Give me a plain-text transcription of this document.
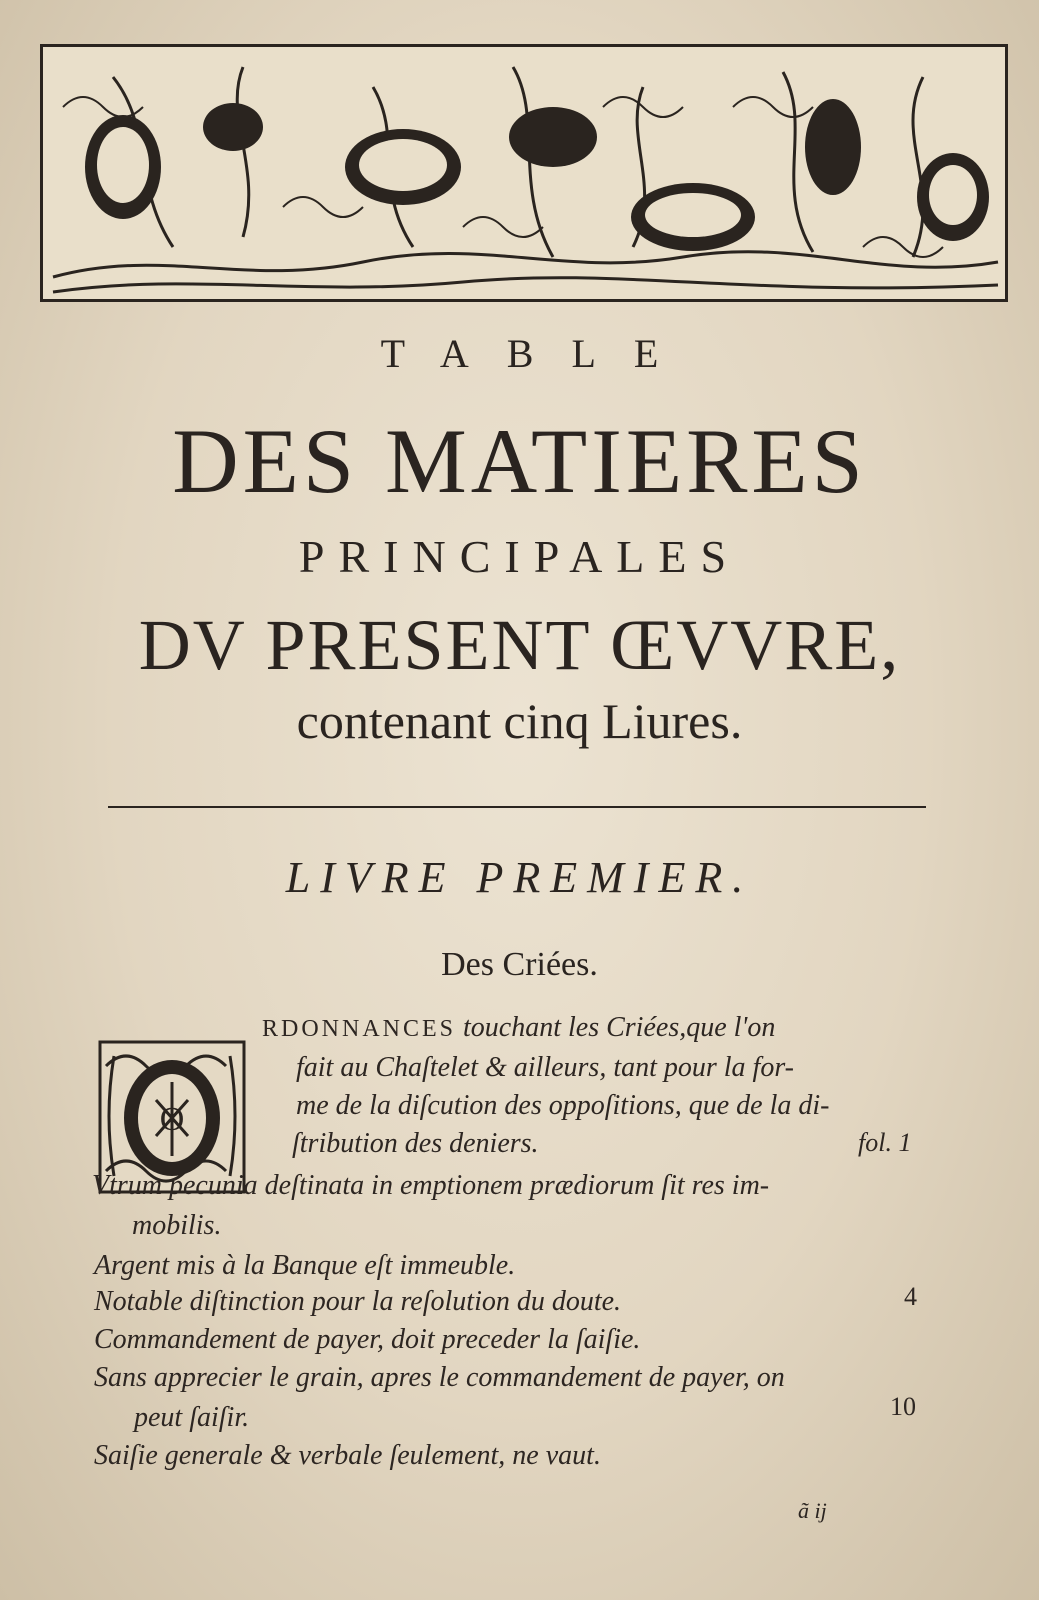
TABLE
DES MATIERES
PRINCIPALES
DV PRESENT ŒVVRE,
contenant cinq Liures.
LIVRE PREMIER.
Des Criées.
O
RDONNANCES touchant les Criées,que l'on
fait au Chaſtelet & ailleurs, tant pour la for-
me de la diſcution des oppoſitions, que de la di-
ſtribution des deniers.	fol. 1
Vtrum pecunia deſtinata in emptionem prædiorum ſit res im-
mobilis.
Argent mis à la Banque eſt immeuble.
Notable diſtinction pour la reſolution du doute.	4
Commandement de payer, doit preceder la ſaiſie.
Sans apprecier le grain, apres le commandement de payer, on
peut ſaiſir.	10
Saiſie generale & verbale ſeulement, ne vaut.
ã ij
